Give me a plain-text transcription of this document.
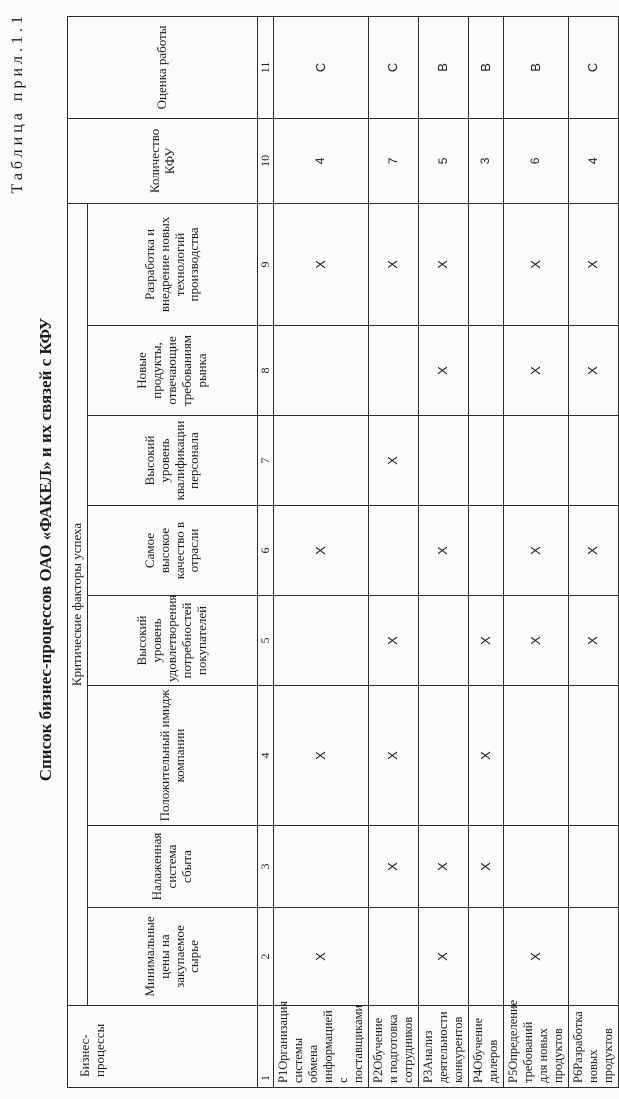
Таблица прил.1.1
Список бизнес-процессов ОАО «ФАКЕЛ» и их связей с КФУ
Бизнес-процессы	Критические факторы успеха								Количество КФУ	Оценка работы
	Минимальные цены на закупаемое сырье	Налаженная система сбыта	Положительный имидж компании	Высокий уровень удовлетворения потребностей покупателей	Самое высокое качество в отрасли	Высокий уровень квалификации персонала	Новые продукты, отвечающие требованиям рынка	Разработка и внедрение новых технологий производства		
1	2	3	4	5	6	7	8	9	10	11
Р1Организация системы обмена информацией с поставщиками	Х		Х		Х			Х	4	С
Р2Обучение и подготовка сотрудников		Х	Х	Х		Х		Х	7	С
Р3Анализ деятельности конкурентов	Х	Х			Х		Х	Х	5	В
Р4Обучение дилеров		Х	Х	Х					3	В
Р5Определение требований для новых продуктов	Х			Х	Х		Х	Х	6	В
Р6Разработка новых продуктов				Х	Х		Х	Х	4	С
